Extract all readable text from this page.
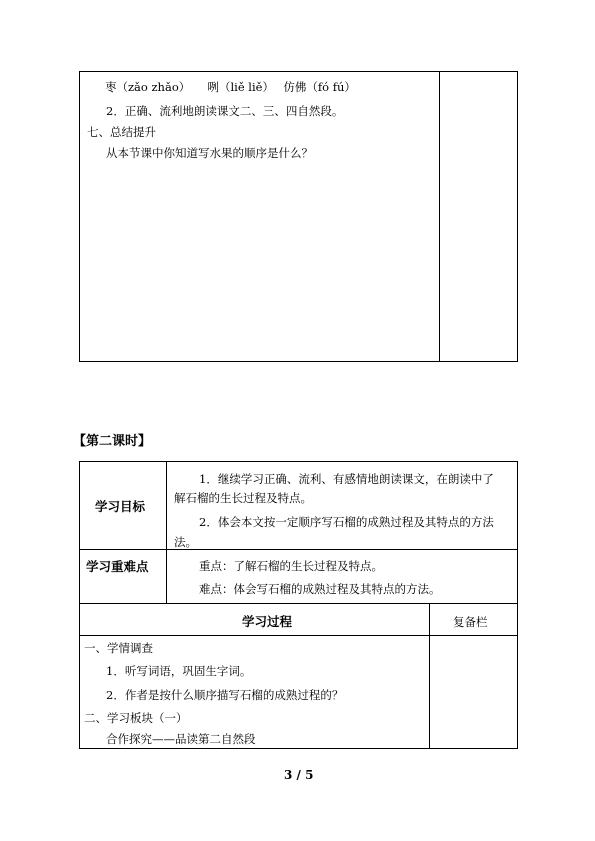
枣（zǎo zhǎo）　　咧（liě liě）　 仿佛（fó fú）
2．正确、流利地朗读课文二、三、四自然段。
七、总结提升
从本节课中你知道写水果的顺序是什么？
【第二课时】
学习目标
1．继续学习正确、流利、有感情地朗读课文，在朗读中了
解石榴的生长过程及特点。
2．体会本文按一定顺序写石榴的成熟过程及其特点的方法
法。
学习重难点	重点：了解石榴的生长过程及特点。
难点：体会写石榴的成熟过程及其特点的方法。
学习过程	复备栏
一、学情调查
1．听写词语，巩固生字词。
2．作者是按什么顺序描写石榴的成熟过程的？
二、学习板块（一）
合作探究——品读第二自然段
3 / 5
